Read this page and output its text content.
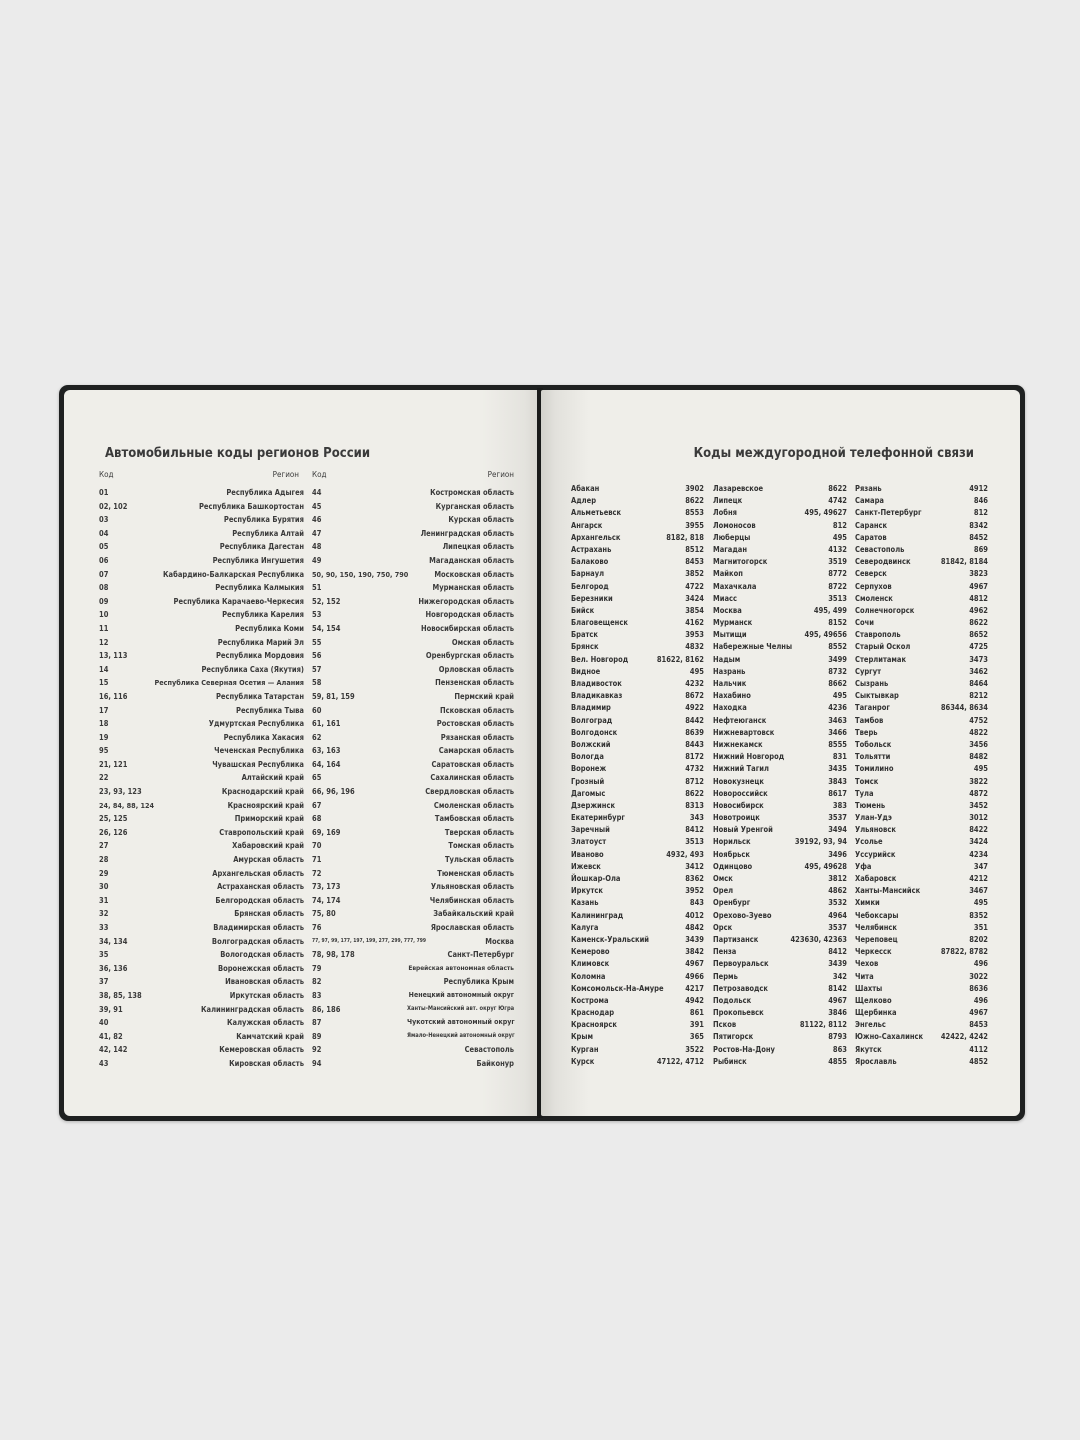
Автомобильные коды регионов России
Код	Регион Код	Регион
01	Республика Адыгея
02, 102	Республика Башкортостан
03	Республика Бурятия
04	Республика Алтай
05	Республика Дагестан
06	Республика Ингушетия
07	Кабардино-Балкарская Республика
08	Республика Калмыкия
09	Республика Карачаево-Черкесия
10	Республика Карелия
11	Республика Коми
12	Республика Марий Эл
13, 113	Республика Мордовия
14	Республика Саха (Якутия)
15	Республика Северная Осетия — Алания
16, 116	Республика Татарстан
17	Республика Тыва
18	Удмуртская Республика
19	Республика Хакасия
95	Чеченская Республика
21, 121	Чувашская Республика
22	Алтайский край
23, 93, 123	Краснодарский край
24, 84, 88, 124	Красноярский край
25, 125	Приморский край
26, 126	Ставропольский край
27	Хабаровский край
28	Амурская область
29	Архангельская область
30	Астраханская область
31	Белгородская область
32	Брянская область
33	Владимирская область
34, 134	Волгоградская область
35	Вологодская область
36, 136	Воронежская область
37	Ивановская область
38, 85, 138	Иркутская область
39, 91	Калининградская область
40	Калужская область
41, 82	Камчатский край
42, 142	Кемеровская область
43	Кировская область
44	Костромская область
45	Курганская область
46	Курская область
47	Ленинградская область
48	Липецкая область
49	Магаданская область
50, 90, 150, 190, 750, 790	Московская область
51	Мурманская область
52, 152	Нижегородская область
53	Новгородская область
54, 154	Новосибирская область
55	Омская область
56	Оренбургская область
57	Орловская область
58	Пензенская область
59, 81, 159	Пермский край
60	Псковская область
61, 161	Ростовская область
62	Рязанская область
63, 163	Самарская область
64, 164	Саратовская область
65	Сахалинская область
66, 96, 196	Свердловская область
67	Смоленская область
68	Тамбовская область
69, 169	Тверская область
70	Томская область
71	Тульская область
72	Тюменская область
73, 173	Ульяновская область
74, 174	Челябинская область
75, 80	Забайкальский край
76	Ярославская область
77, 97, 99, 177, 197, 199, 277, 299, 777, 799	Москва
78, 98, 178	Санкт-Петербург
79	Еврейская автономная область
82	Республика Крым
83	Ненецкий автономный округ
86, 186	Ханты-Мансийский авт. округ Югра
87	Чукотский автономный округ
89	Ямало-Ненецкий автономный округ
92	Севастополь
94	Байконур
Коды междугородной телефонной связи
Абакан	3902
Адлер	8622
Альметьевск	8553
Ангарск	3955
Архангельск	8182, 818
Астрахань	8512
Балаково	8453
Барнаул	3852
Белгород	4722
Березники	3424
Бийск	3854
Благовещенск	4162
Братск	3953
Брянск	4832
Вел. Новгород	81622, 8162
Видное	495
Владивосток	4232
Владикавказ	8672
Владимир	4922
Волгоград	8442
Волгодонск	8639
Волжский	8443
Вологда	8172
Воронеж	4732
Грозный	8712
Дагомыс	8622
Дзержинск	8313
Екатеринбург	343
Заречный	8412
Златоуст	3513
Иваново	4932, 493
Ижевск	3412
Йошкар-Ола	8362
Иркутск	3952
Казань	843
Калининград	4012
Калуга	4842
Каменск-Уральский	3439
Кемерово	3842
Климовск	4967
Коломна	4966
Комсомольск-На-Амуре	4217
Кострома	4942
Краснодар	861
Красноярск	391
Крым	365
Курган	3522
Курск	47122, 4712
Лазаревское	8622
Липецк	4742
Лобня	495, 49627
Ломоносов	812
Люберцы	495
Магадан	4132
Магнитогорск	3519
Майкоп	8772
Махачкала	8722
Миасс	3513
Москва	495, 499
Мурманск	8152
Мытищи	495, 49656
Набережные Челны	8552
Надым	3499
Назрань	8732
Нальчик	8662
Нахабино	495
Находка	4236
Нефтеюганск	3463
Нижневартовск	3466
Нижнекамск	8555
Нижний Новгород	831
Нижний Тагил	3435
Новокузнецк	3843
Новороссийск	8617
Новосибирск	383
Новотроицк	3537
Новый Уренгой	3494
Норильск	39192, 93, 94
Ноябрьск	3496
Одинцово	495, 49628
Омск	3812
Орел	4862
Оренбург	3532
Орехово-Зуево	4964
Орск	3537
Партизанск	423630, 42363
Пенза	8412
Первоуральск	3439
Пермь	342
Петрозаводск	8142
Подольск	4967
Прокопьевск	3846
Псков	81122, 8112
Пятигорск	8793
Ростов-На-Дону	863
Рыбинск	4855
Рязань	4912
Самара	846
Санкт-Петербург	812
Саранск	8342
Саратов	8452
Севастополь	869
Северодвинск	81842, 8184
Северск	3823
Серпухов	4967
Смоленск	4812
Солнечногорск	4962
Сочи	8622
Ставрополь	8652
Старый Оскол	4725
Стерлитамак	3473
Сургут	3462
Сызрань	8464
Сыктывкар	8212
Таганрог	86344, 8634
Тамбов	4752
Тверь	4822
Тобольск	3456
Тольятти	8482
Томилино	495
Томск	3822
Тула	4872
Тюмень	3452
Улан-Удэ	3012
Ульяновск	8422
Усолье	3424
Уссурийск	4234
Уфа	347
Хабаровск	4212
Ханты-Мансийск	3467
Химки	495
Чебоксары	8352
Челябинск	351
Череповец	8202
Черкесск	87822, 8782
Чехов	496
Чита	3022
Шахты	8636
Щелково	496
Щербинка	4967
Энгельс	8453
Южно-Сахалинск 42422, 4242
Якутск	4112
Ярославль	4852
